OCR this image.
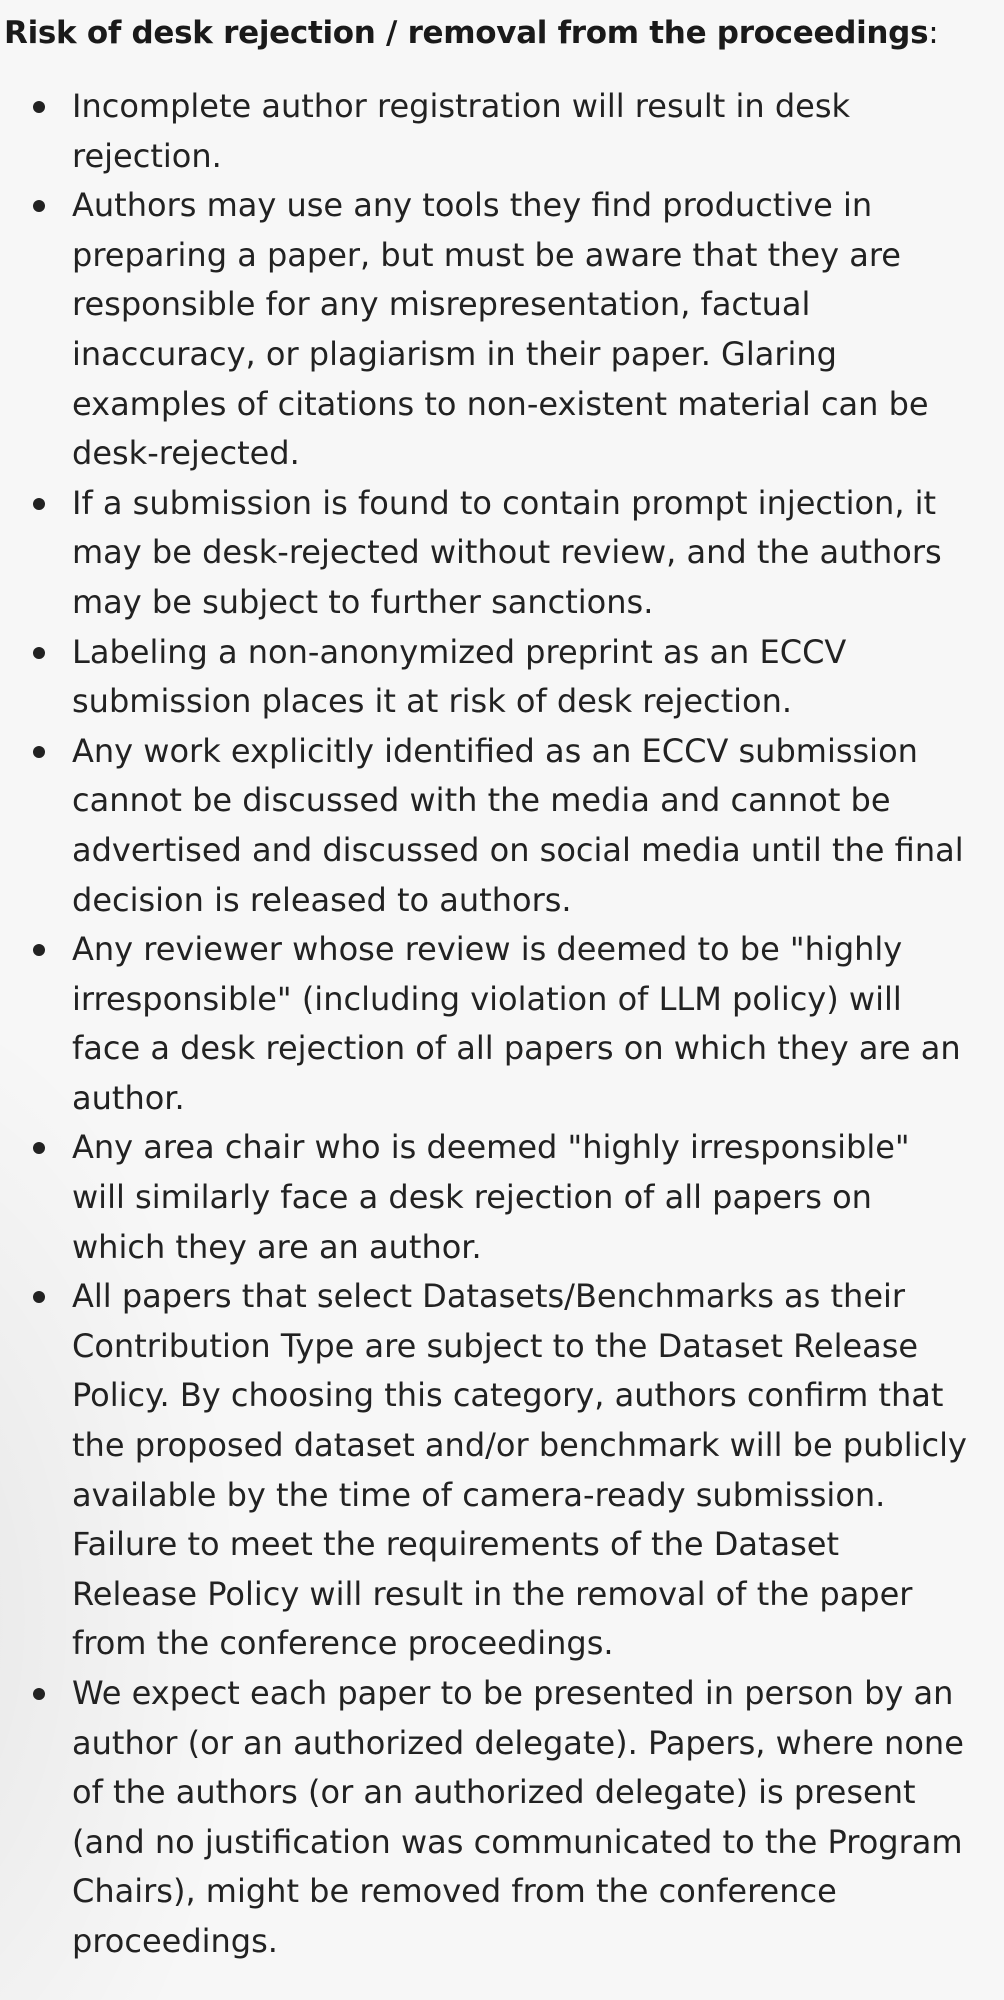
Risk of desk rejection / removal from the proceedings:
Incomplete author registration will result in desk rejection.
Authors may use any tools they find productive in preparing a paper, but must be aware that they are responsible for any misrepresentation, factual inaccuracy, or plagiarism in their paper. Glaring examples of citations to non-existent material can be desk-rejected.
If a submission is found to contain prompt injection, it may be desk-rejected without review, and the authors may be subject to further sanctions.
Labeling a non-anonymized preprint as an ECCV submission places it at risk of desk rejection.
Any work explicitly identified as an ECCV submission cannot be discussed with the media and cannot be advertised and discussed on social media until the final decision is released to authors.
Any reviewer whose review is deemed to be "highly irresponsible" (including violation of LLM policy) will face a desk rejection of all papers on which they are an author.
Any area chair who is deemed "highly irresponsible" will similarly face a desk rejection of all papers on which they are an author.
All papers that select Datasets/Benchmarks as their Contribution Type are subject to the Dataset Release Policy. By choosing this category, authors confirm that the proposed dataset and/or benchmark will be publicly available by the time of camera-ready submission. Failure to meet the requirements of the Dataset Release Policy will result in the removal of the paper from the conference proceedings.
We expect each paper to be presented in person by an author (or an authorized delegate). Papers, where none of the authors (or an authorized delegate) is present (and no justification was communicated to the Program Chairs), might be removed from the conference proceedings.
